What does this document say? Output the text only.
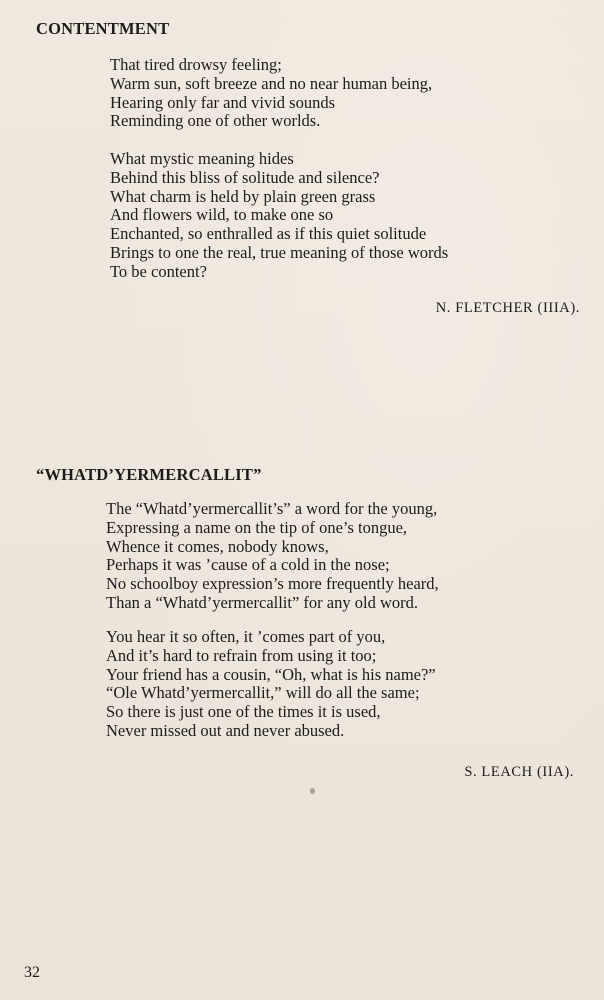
CONTENTMENT
That tired drowsy feeling;
Warm sun, soft breeze and no near human being,
Hearing only far and vivid sounds
Reminding one of other worlds.
What mystic meaning hides
Behind this bliss of solitude and silence?
What charm is held by plain green grass
And flowers wild, to make one so
Enchanted, so enthralled as if this quiet solitude
Brings to one the real, true meaning of those words
To be content?
N. FLETCHER (IIIA).
“WHATD’YERMERCALLIT”
The “Whatd’yermercallit’s” a word for the young,
Expressing a name on the tip of one’s tongue,
Whence it comes, nobody knows,
Perhaps it was ’cause of a cold in the nose;
No schoolboy expression’s more frequently heard,
Than a “Whatd’yermercallit” for any old word.
You hear it so often, it ’comes part of you,
And it’s hard to refrain from using it too;
Your friend has a cousin, “Oh, what is his name?”
“Ole Whatd’yermercallit,” will do all the same;
So there is just one of the times it is used,
Never missed out and never abused.
S. LEACH (IIA).
32
